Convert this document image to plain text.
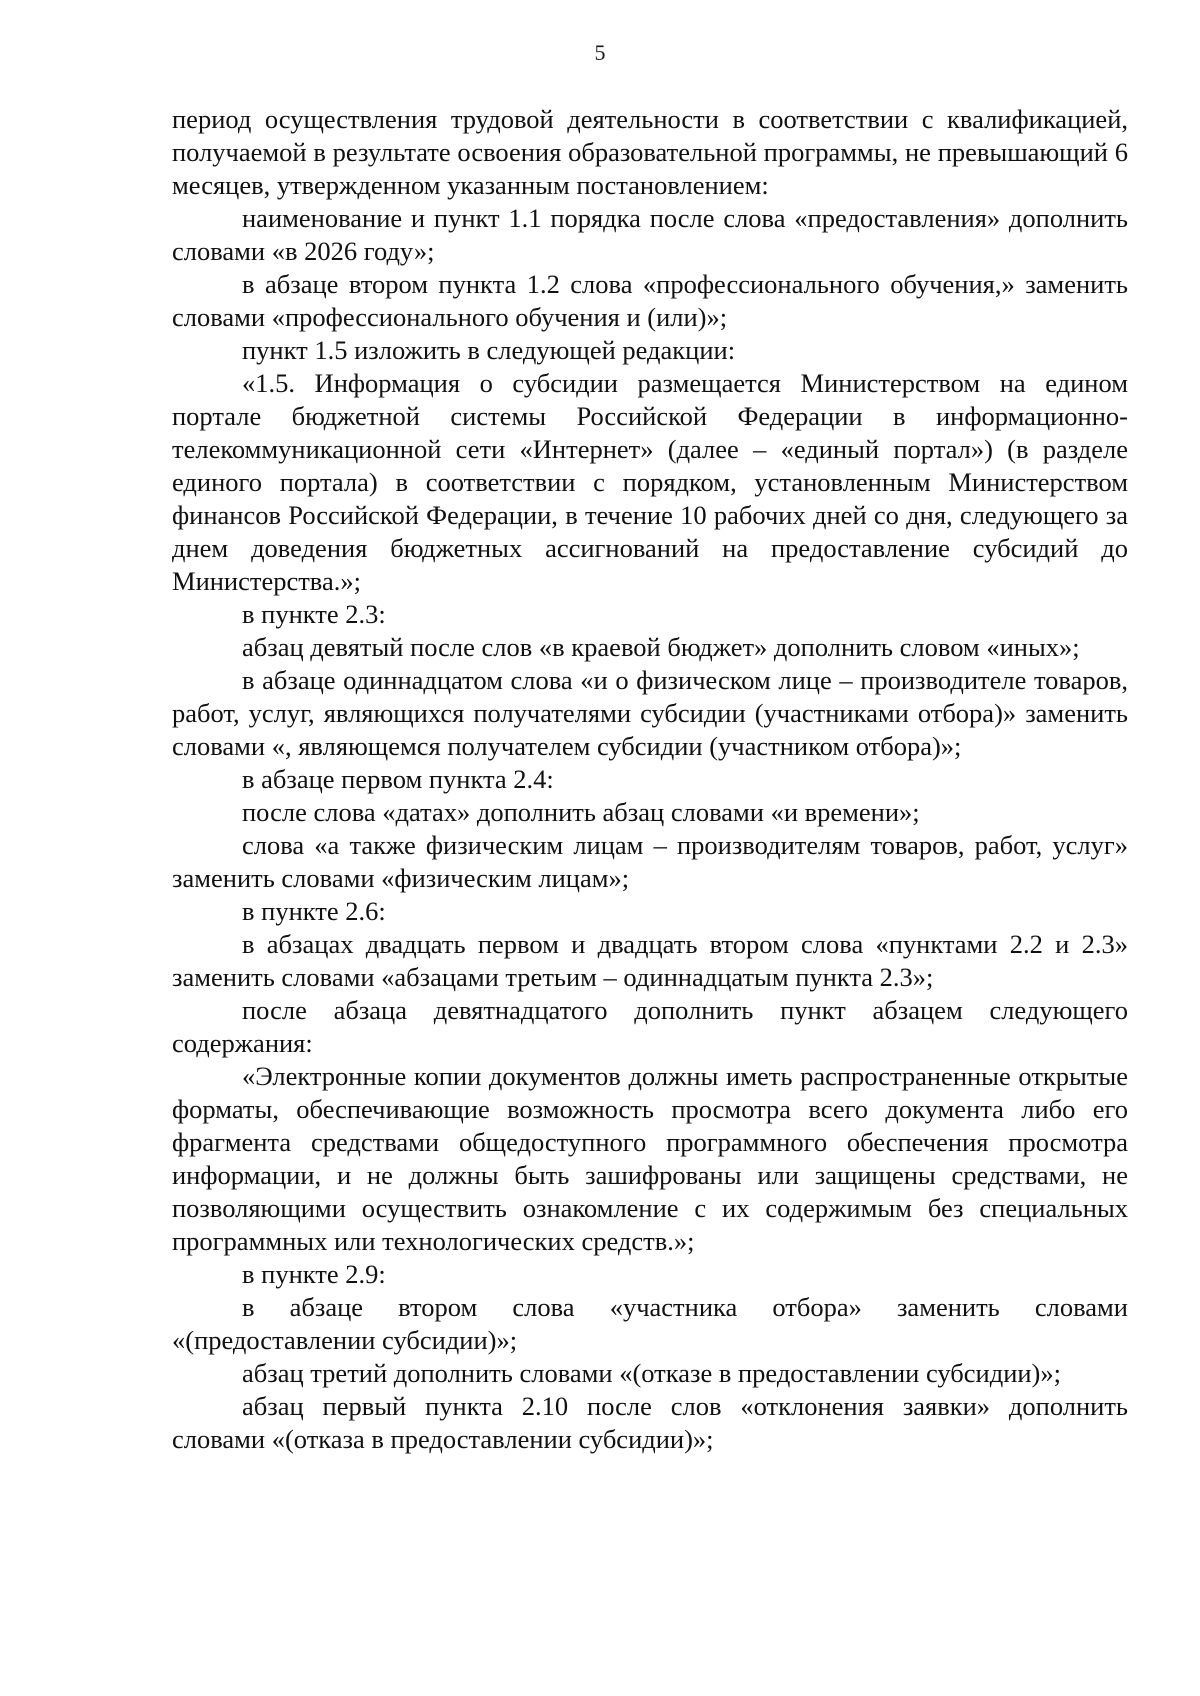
5

период осуществления трудовой деятельности в соответствии с квалификацией, получаемой в результате освоения образовательной программы, не превышающий 6 месяцев, утвержденном указанным постановлением:

наименование и пункт 1.1 порядка после слова «предоставления» дополнить словами «в 2026 году»;

в абзаце втором пункта 1.2 слова «профессионального обучения,» заменить словами «профессионального обучения и (или)»;

пункт 1.5 изложить в следующей редакции:

«1.5. Информация о субсидии размещается Министерством на едином портале бюджетной системы Российской Федерации в информационно-телекоммуникационной сети «Интернет» (далее – «единый портал») (в разделе единого портала) в соответствии с порядком, установленным Министерством финансов Российской Федерации, в течение 10 рабочих дней со дня, следующего за днем доведения бюджетных ассигнований на предоставление субсидий до Министерства.»;

в пункте 2.3:

абзац девятый после слов «в краевой бюджет» дополнить словом «иных»;

в абзаце одиннадцатом слова «и о физическом лице – производителе товаров, работ, услуг, являющихся получателями субсидии (участниками отбора)» заменить словами «, являющемся получателем субсидии (участником отбора)»;

в абзаце первом пункта 2.4:

после слова «датах» дополнить абзац словами «и времени»;

слова «а также физическим лицам – производителям товаров, работ, услуг» заменить словами «физическим лицам»;

в пункте 2.6:

в абзацах двадцать первом и двадцать втором слова «пунктами 2.2 и 2.3» заменить словами «абзацами третьим – одиннадцатым пункта 2.3»;

после абзаца девятнадцатого дополнить пункт абзацем следующего содержания:

«Электронные копии документов должны иметь распространенные открытые форматы, обеспечивающие возможность просмотра всего документа либо его фрагмента средствами общедоступного программного обеспечения просмотра информации, и не должны быть зашифрованы или защищены средствами, не позволяющими осуществить ознакомление с их содержимым без специальных программных или технологических средств.»;

в пункте 2.9:

в абзаце втором слова «участника отбора» заменить словами «(предоставлении субсидии)»;

абзац третий дополнить словами «(отказе в предоставлении субсидии)»;

абзац первый пункта 2.10 после слов «отклонения заявки» дополнить словами «(отказа в предоставлении субсидии)»;
